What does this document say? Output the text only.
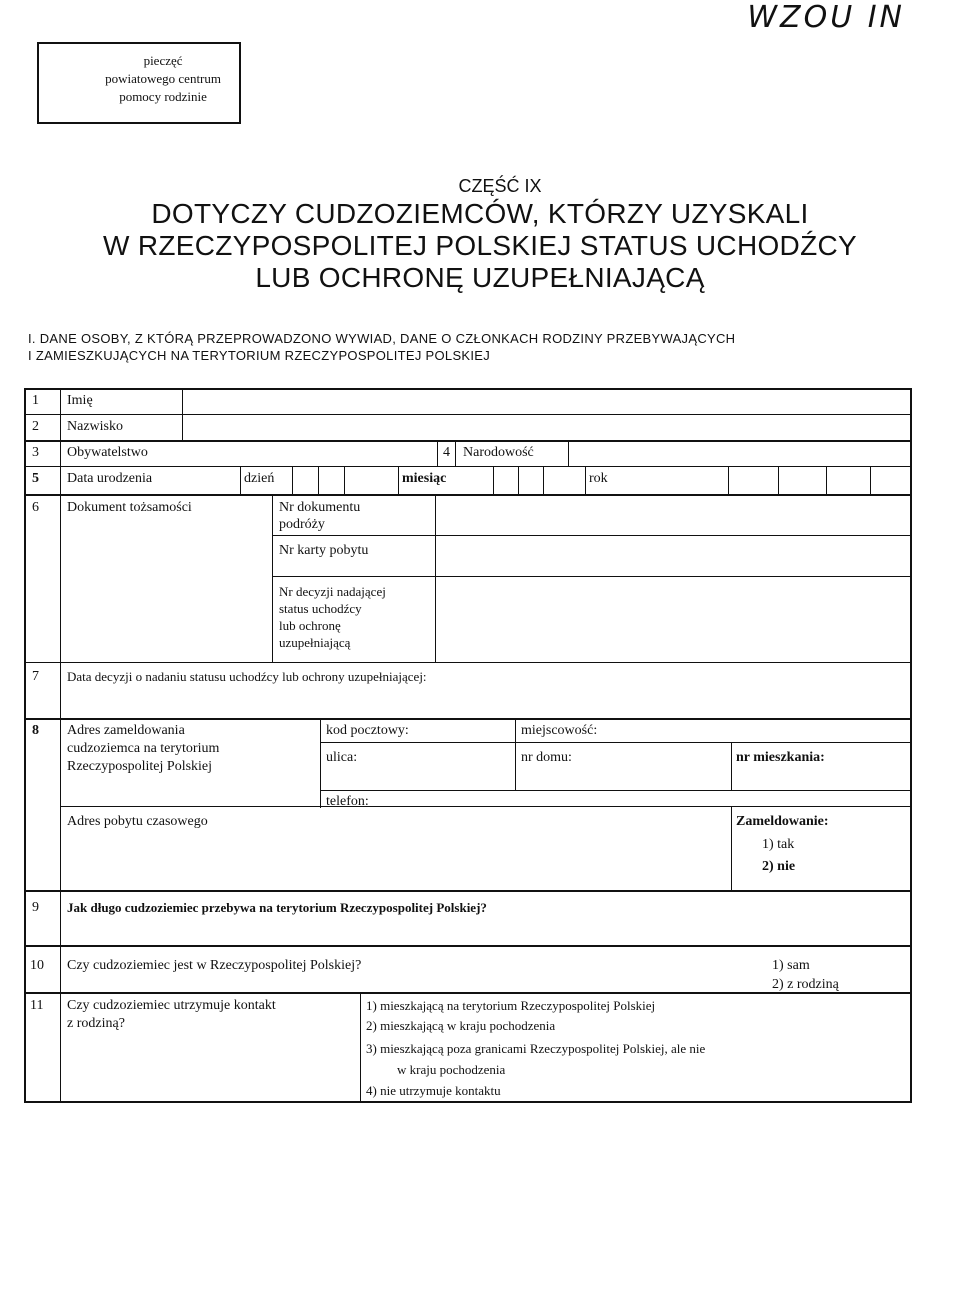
pieczęć
powiatowego centrum
pomocy rodzinie
WZOU IN
CZĘŚĆ IX
DOTYCZY CUDZOZIEMCÓW, KTÓRZY UZYSKALI
W RZECZYPOSPOLITEJ POLSKIEJ STATUS UCHODŹCY
LUB OCHRONĘ UZUPEŁNIAJĄCĄ
I. DANE OSOBY, Z KTÓRĄ PRZEPROWADZONO WYWIAD, DANE O CZŁONKACH RODZINY PRZEBYWAJĄCYCH
I ZAMIESZKUJĄCYCH NA TERYTORIUM RZECZYPOSPOLITEJ POLSKIEJ
1 Imię
2 Nazwisko
3 Obywatelstwo	4 Narodowość
5 Data urodzenia	dzień	miesiąc	rok
6 Dokument tożsamości	Nr dokumentu
podróży
Nr karty pobytu
Nr decyzji nadającej
status uchodźcy
lub ochronę
uzupełniającą
7 Data decyzji o nadaniu statusu uchodźcy lub ochrony uzupełniającej:
8 Adres zameldowania
cudzoziemca na terytorium
Rzeczypospolitej Polskiej
kod pocztowy:	miejscowość:
ulica:	nr domu:	nr mieszkania:
telefon:
Adres pobytu czasowego	Zameldowanie:
1) tak
2) nie
9 Jak długo cudzoziemiec przebywa na terytorium Rzeczypospolitej Polskiej?
10 Czy cudzoziemiec jest w Rzeczypospolitej Polskiej?	1) sam
2) z rodziną
11 Czy cudzoziemiec utrzymuje kontakt
z rodziną?
1) mieszkającą na terytorium Rzeczypospolitej Polskiej
2) mieszkającą w kraju pochodzenia
3) mieszkającą poza granicami Rzeczypospolitej Polskiej, ale nie
w kraju pochodzenia
4) nie utrzymuje kontaktu
